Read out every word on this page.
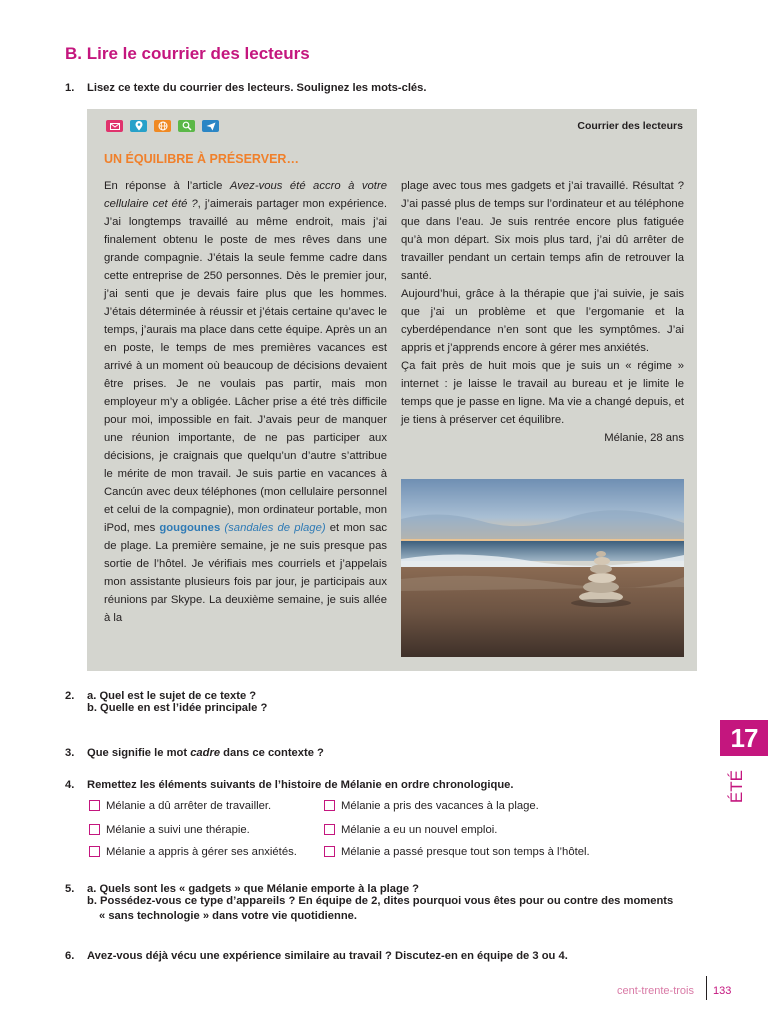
B. Lire le courrier des lecteurs
1. Lisez ce texte du courrier des lecteurs. Soulignez les mots-clés.
Courrier des lecteurs
UN ÉQUILIBRE À PRÉSERVER…

En réponse à l’article Avez-vous été accro à votre cellulaire cet été ?, j’aimerais partager mon expérience. J’ai longtemps travaillé au même endroit, mais j’ai finalement obtenu le poste de mes rêves dans une grande compagnie. J’étais la seule femme cadre dans cette entreprise de 250 personnes. Dès le premier jour, j’ai senti que je devais faire plus que les hommes. J’étais déterminée à réussir et j’étais certaine qu’avec le temps, j’aurais ma place dans cette équipe. Après un an en poste, le temps de mes premières vacances est arrivé à un moment où beaucoup de décisions devaient être prises. Je ne voulais pas partir, mais mon employeur m’y a obligée. Lâcher prise a été très difficile pour moi, impossible en fait. J’avais peur de manquer une réunion importante, de ne pas participer aux décisions, je craignais que quelqu’un d’autre s’attribue le mérite de mon travail. Je suis partie en vacances à Cancún avec deux téléphones (mon cellulaire personnel et celui de la compagnie), mon ordinateur portable, mon iPod, mes gougounes (sandales de plage) et mon sac de plage. La première semaine, je ne suis presque pas sortie de l’hôtel. Je vérifiais mes courriels et j’appelais mon assistante plusieurs fois par jour, je participais aux réunions par Skype. La deuxième semaine, je suis allée à la

plage avec tous mes gadgets et j’ai travaillé. Résultat ? J’ai passé plus de temps sur l’ordinateur et au téléphone que dans l’eau. Je suis rentrée encore plus fatiguée qu’à mon départ. Six mois plus tard, j’ai dû arrêter de travailler pendant un certain temps afin de retrouver la santé.

Aujourd’hui, grâce à la thérapie que j’ai suivie, je sais que j’ai un problème et que l’ergomanie et la cyberdépendance n’en sont que les symptômes. J’ai appris et j’apprends encore à gérer mes anxiétés.

Ça fait près de huit mois que je suis un « régime » internet : je laisse le travail au bureau et je limite le temps que je passe en ligne. Ma vie a changé depuis, et je tiens à préserver cet équilibre.

Mélanie, 28 ans

2. a. Quel est le sujet de ce texte ?
b. Quelle en est l’idée principale ?
3. Que signifie le mot cadre dans ce contexte ?
4. Remettez les éléments suivants de l’histoire de Mélanie en ordre chronologique.
Mélanie a dû arrêter de travailler.
Mélanie a suivi une thérapie.
Mélanie a appris à gérer ses anxiétés.
Mélanie a pris des vacances à la plage.
Mélanie a eu un nouvel emploi.
Mélanie a passé presque tout son temps à l’hôtel.
5. a. Quels sont les « gadgets » que Mélanie emporte à la plage ?
b. Possédez-vous ce type d’appareils ? En équipe de 2, dites pourquoi vous êtes pour ou contre des moments
« sans technologie » dans votre vie quotidienne.
6. Avez-vous déjà vécu une expérience similaire au travail ? Discutez-en en équipe de 3 ou 4.
17
ÉTÉ
cent-trente-trois 133
